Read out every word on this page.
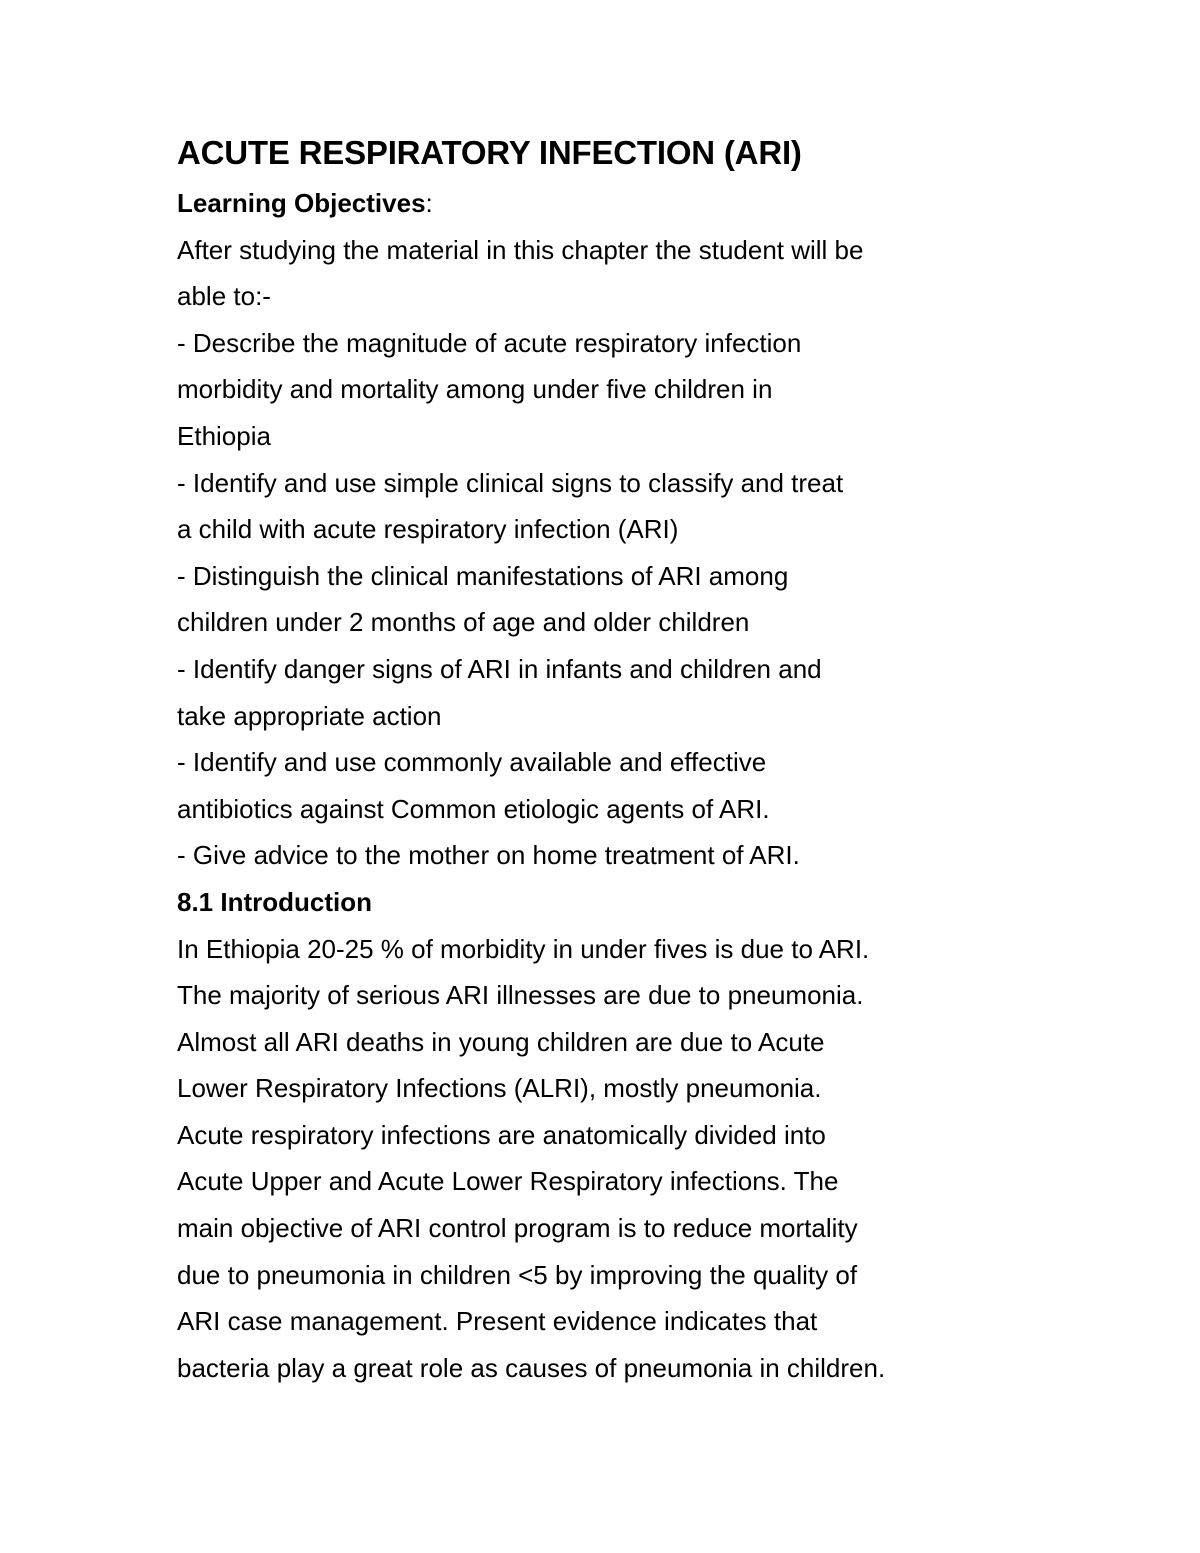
ACUTE RESPIRATORY INFECTION (ARI)
Learning Objectives:
After studying the material in this chapter the student will be
able to:-
- Describe the magnitude of acute respiratory infection
morbidity and mortality among under five children in
Ethiopia
- Identify and use simple clinical signs to classify and treat
a child with acute respiratory infection (ARI)
- Distinguish the clinical manifestations of ARI among
children under 2 months of age and older children
- Identify danger signs of ARI in infants and children and
take appropriate action
- Identify and use commonly available and effective
antibiotics against Common etiologic agents of ARI.
- Give advice to the mother on home treatment of ARI.
8.1 Introduction
In Ethiopia 20-25 % of morbidity in under fives is due to ARI.
The majority of serious ARI illnesses are due to pneumonia.
Almost all ARI deaths in young children are due to Acute
Lower Respiratory Infections (ALRI), mostly pneumonia.
Acute respiratory infections are anatomically divided into
Acute Upper and Acute Lower Respiratory infections. The
main objective of ARI control program is to reduce mortality
due to pneumonia in children <5 by improving the quality of
ARI case management. Present evidence indicates that
bacteria play a great role as causes of pneumonia in children.
